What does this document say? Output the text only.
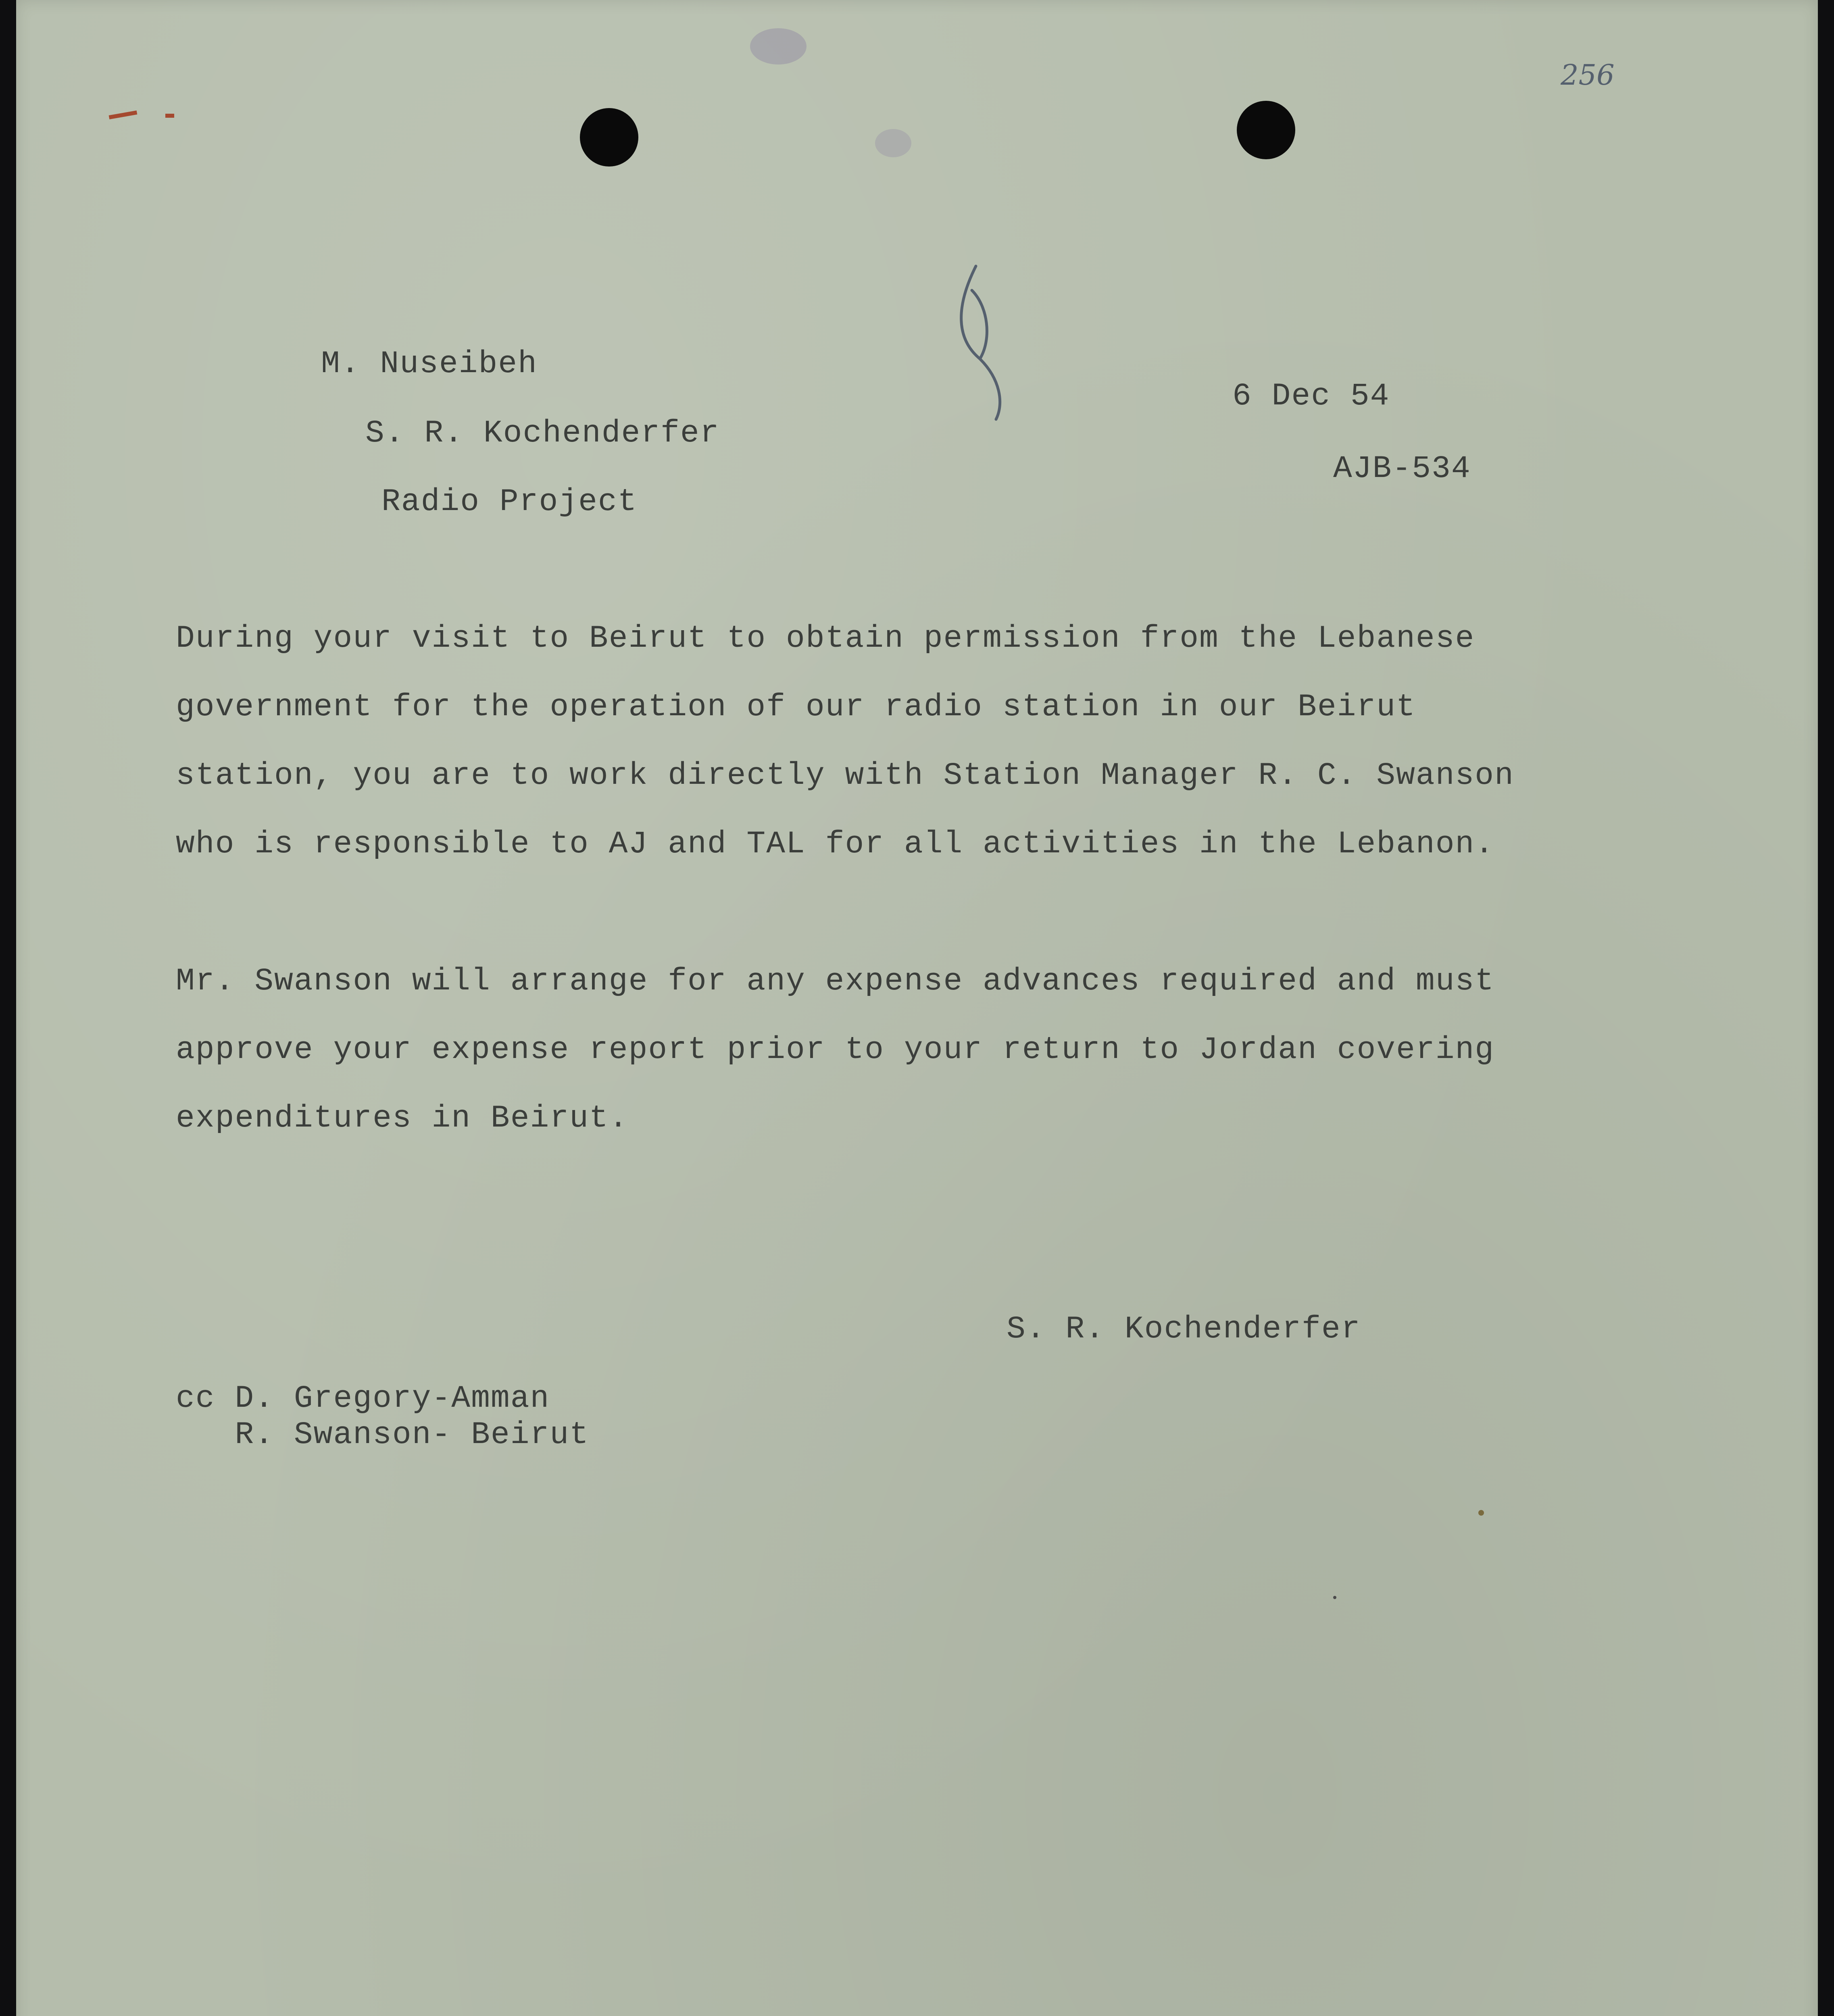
256
M. Nuseibeh
S. R. Kochenderfer
Radio Project
6 Dec 54
AJB-534
During your visit to Beirut to obtain permission from the Lebanese
government for the operation of our radio station in our Beirut
station, you are to work directly with Station Manager R. C. Swanson
who is responsible to AJ and TAL for all activities in the Lebanon.
Mr. Swanson will arrange for any expense advances required and must
approve your expense report prior to your return to Jordan covering
expenditures in Beirut.
S. R. Kochenderfer
cc D. Gregory-Amman
R. Swanson- Beirut
